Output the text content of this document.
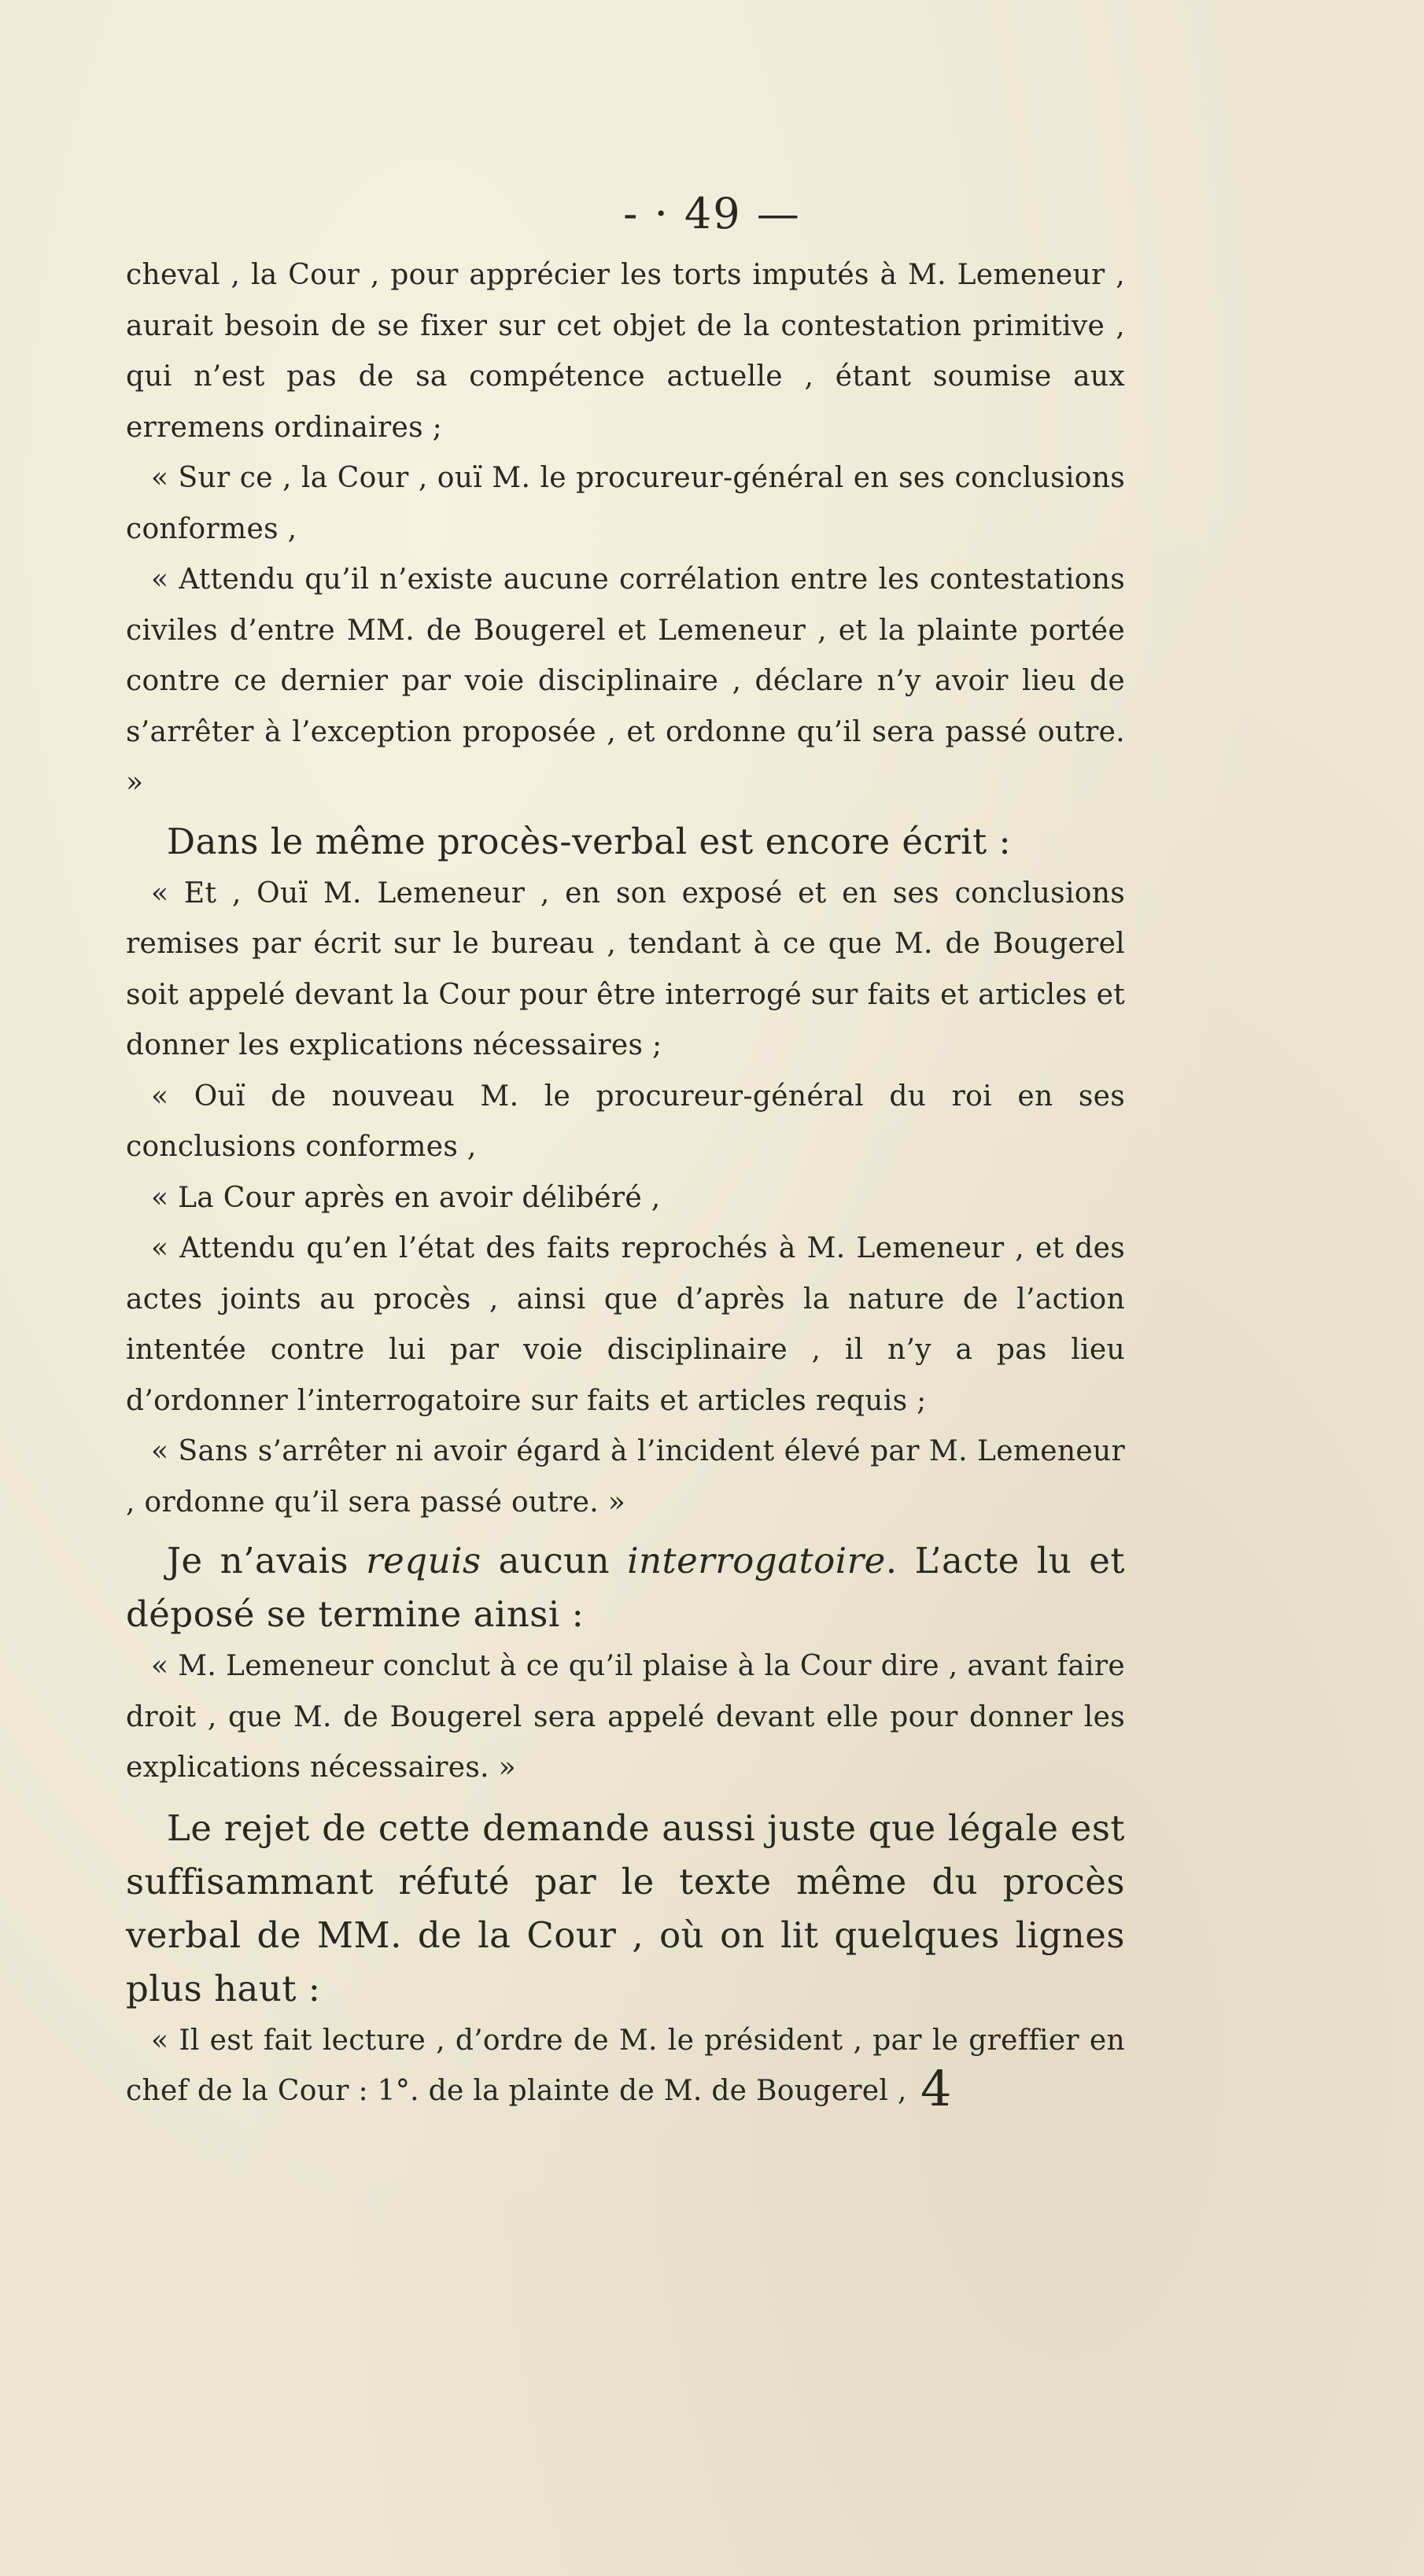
- · 49 —

cheval , la Cour , pour apprécier les torts imputés à M. Lemeneur , aurait besoin de se fixer sur cet objet de la contestation primitive , qui n’est pas de sa compétence actuelle , étant soumise aux erremens ordinaires ;

« Sur ce , la Cour , ouï M. le procureur-général en ses conclusions conformes ,

« Attendu qu’il n’existe aucune corrélation entre les contestations civiles d’entre MM. de Bougerel et Lemeneur , et la plainte portée contre ce dernier par voie disciplinaire , déclare n’y avoir lieu de s’arrêter à l’exception proposée , et ordonne qu’il sera passé outre. »

Dans le même procès-verbal est encore écrit :

« Et , Ouï M. Lemeneur , en son exposé et en ses conclusions remises par écrit sur le bureau , tendant à ce que M. de Bougerel soit appelé devant la Cour pour être interrogé sur faits et articles et donner les explications nécessaires ;

« Ouï de nouveau M. le procureur-général du roi en ses conclusions conformes ,

« La Cour après en avoir délibéré ,

« Attendu qu’en l’état des faits reprochés à M. Lemeneur , et des actes joints au procès , ainsi que d’après la nature de l’action intentée contre lui par voie disciplinaire , il n’y a pas lieu d’ordonner l’interrogatoire sur faits et articles requis ;

« Sans s’arrêter ni avoir égard à l’incident élevé par M. Lemeneur , ordonne qu’il sera passé outre. »

Je n’avais requis aucun interrogatoire. L’acte lu et déposé se termine ainsi :

« M. Lemeneur conclut à ce qu’il plaise à la Cour dire , avant faire droit , que M. de Bougerel sera appelé devant elle pour donner les explications nécessaires. »

Le rejet de cette demande aussi juste que légale est suffisammant réfuté par le texte même du procès verbal de MM. de la Cour , où on lit quelques lignes plus haut :

« Il est fait lecture , d’ordre de M. le président , par le greffier en chef de la Cour : 1°. de la plainte de M. de Bougerel , 4
